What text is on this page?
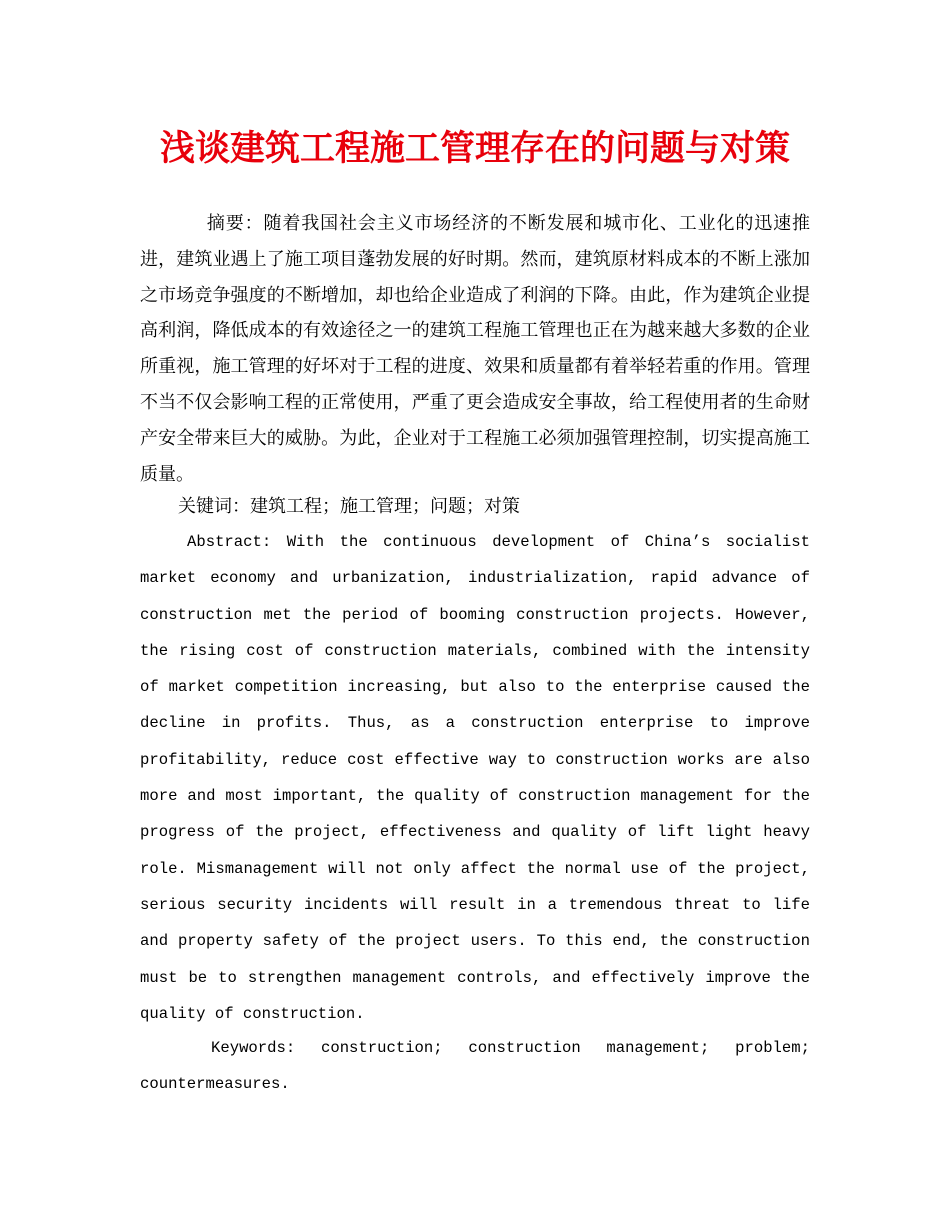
浅谈建筑工程施工管理存在的问题与对策

摘要：随着我国社会主义市场经济的不断发展和城市化、工业化的迅速推进，建筑业遇上了施工项目蓬勃发展的好时期。然而，建筑原材料成本的不断上涨加之市场竞争强度的不断增加，却也给企业造成了利润的下降。由此，作为建筑企业提高利润，降低成本的有效途径之一的建筑工程施工管理也正在为越来越大多数的企业所重视，施工管理的好坏对于工程的进度、效果和质量都有着举轻若重的作用。管理不当不仅会影响工程的正常使用，严重了更会造成安全事故，给工程使用者的生命财产安全带来巨大的威胁。为此，企业对于工程施工必须加强管理控制，切实提高施工质量。

关键词：建筑工程；施工管理；问题；对策

Abstract: With the continuous development of China’s socialist market economy and urbanization, industrialization, rapid advance of construction met the period of booming construction projects. However, the rising cost of construction materials, combined with the intensity of market competition increasing, but also to the enterprise caused the decline in profits. Thus, as a construction enterprise to improve profitability, reduce cost effective way to construction works are also more and most important, the quality of construction management for the progress of the project, effectiveness and quality of lift light heavy role. Mismanagement will not only affect the normal use of the project, serious security incidents will result in a tremendous threat to life and property safety of the project users. To this end, the construction must be to strengthen management controls, and effectively improve the quality of construction.

Keywords: construction; construction management; problem; countermeasures.
